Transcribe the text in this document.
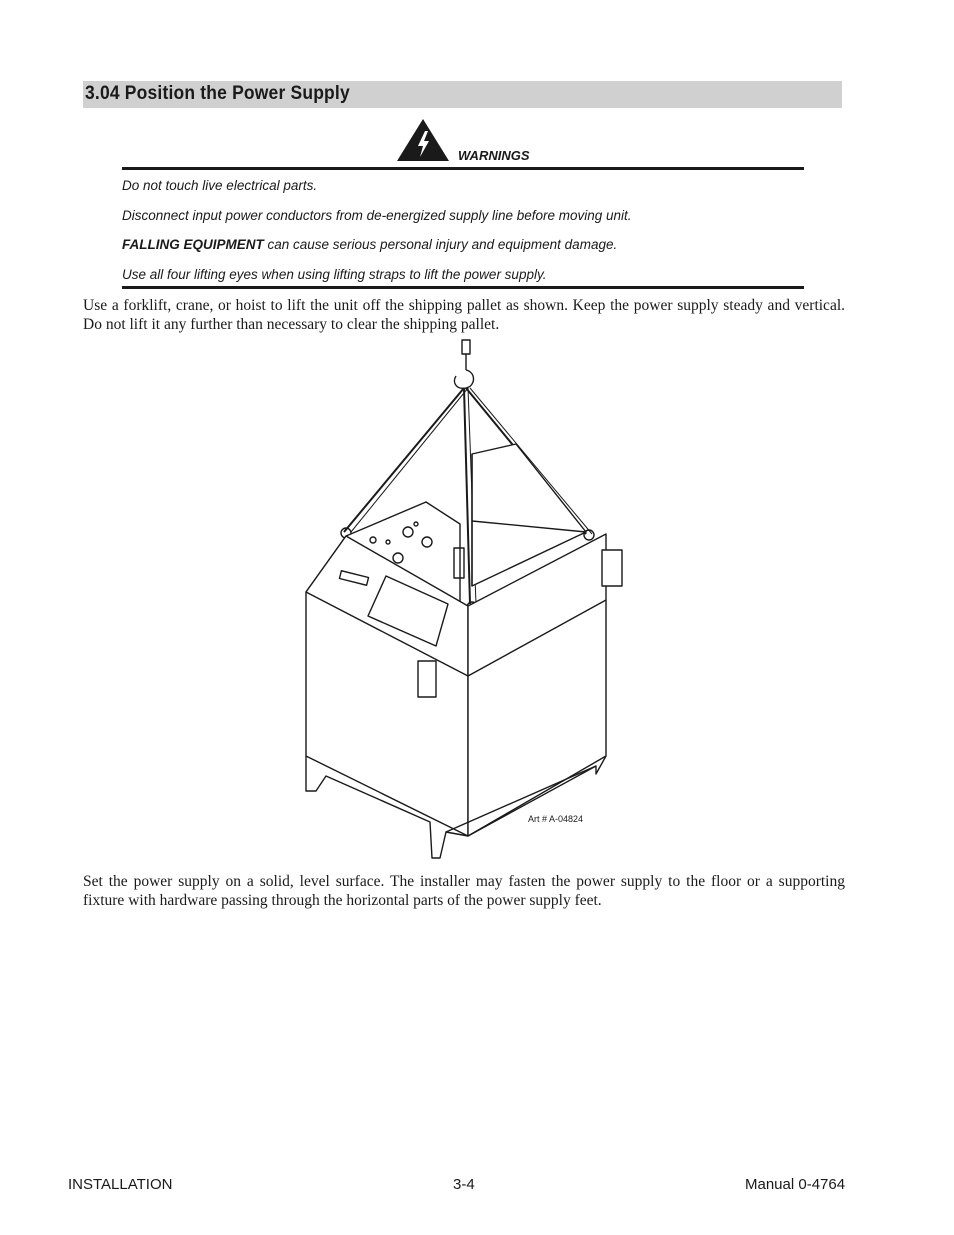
3.04 Position the Power Supply
WARNINGS
Do not touch live electrical parts.
Disconnect input power conductors from de-energized supply line before moving unit.
FALLING EQUIPMENT can cause serious personal injury and equipment damage.
Use all four lifting eyes when using lifting straps to lift the power supply.
Use a forklift, crane, or hoist to lift the unit off the shipping pallet as shown. Keep the power supply steady and vertical. Do not lift it any further than necessary to clear the shipping pallet.
Art # A-04824
Set the power supply on a solid, level surface. The installer may fasten the power supply to the floor or a supporting fixture with hardware passing through the horizontal parts of the power supply feet.
INSTALLATION	3-4	Manual 0-4764
